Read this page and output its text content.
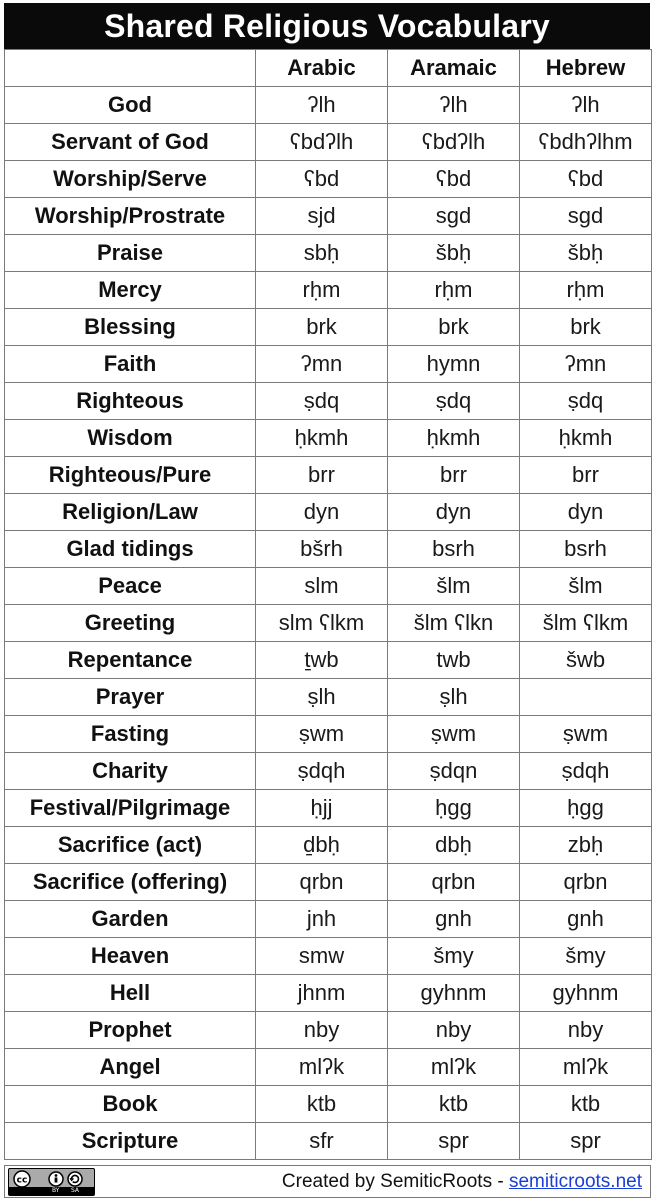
Shared Religious Vocabulary
	Arabic	Aramaic	Hebrew
God	ʔlh	ʔlh	ʔlh
Servant of God	ʕbdʔlh	ʕbdʔlh	ʕbdhʔlhm
Worship/Serve	ʕbd	ʕbd	ʕbd
Worship/Prostrate	sjd	sgd	sgd
Praise	sbḥ	šbḥ	šbḥ
Mercy	rḥm	rḥm	rḥm
Blessing	brk	brk	brk
Faith	ʔmn	hymn	ʔmn
Righteous	ṣdq	ṣdq	ṣdq
Wisdom	ḥkmh	ḥkmh	ḥkmh
Righteous/Pure	brr	brr	brr
Religion/Law	dyn	dyn	dyn
Glad tidings	bšrh	bsrh	bsrh
Peace	slm	šlm	šlm
Greeting	slm ʕlkm	šlm ʕlkn	šlm ʕlkm
Repentance	ṯwb	twb	šwb
Prayer	ṣlh	ṣlh	
Fasting	ṣwm	ṣwm	ṣwm
Charity	ṣdqh	ṣdqn	ṣdqh
Festival/Pilgrimage	ḥjj	ḥgg	ḥgg
Sacrifice (act)	ḏbḥ	dbḥ	zbḥ
Sacrifice (offering)	qrbn	qrbn	qrbn
Garden	jnh	gnh	gnh
Heaven	smw	šmy	šmy
Hell	jhnm	gyhnm	gyhnm
Prophet	nby	nby	nby
Angel	mlʔk	mlʔk	mlʔk
Book	ktb	ktb	ktb
Scripture	sfr	spr	spr
cc
BY SA	Created by SemiticRoots - semiticroots.net
